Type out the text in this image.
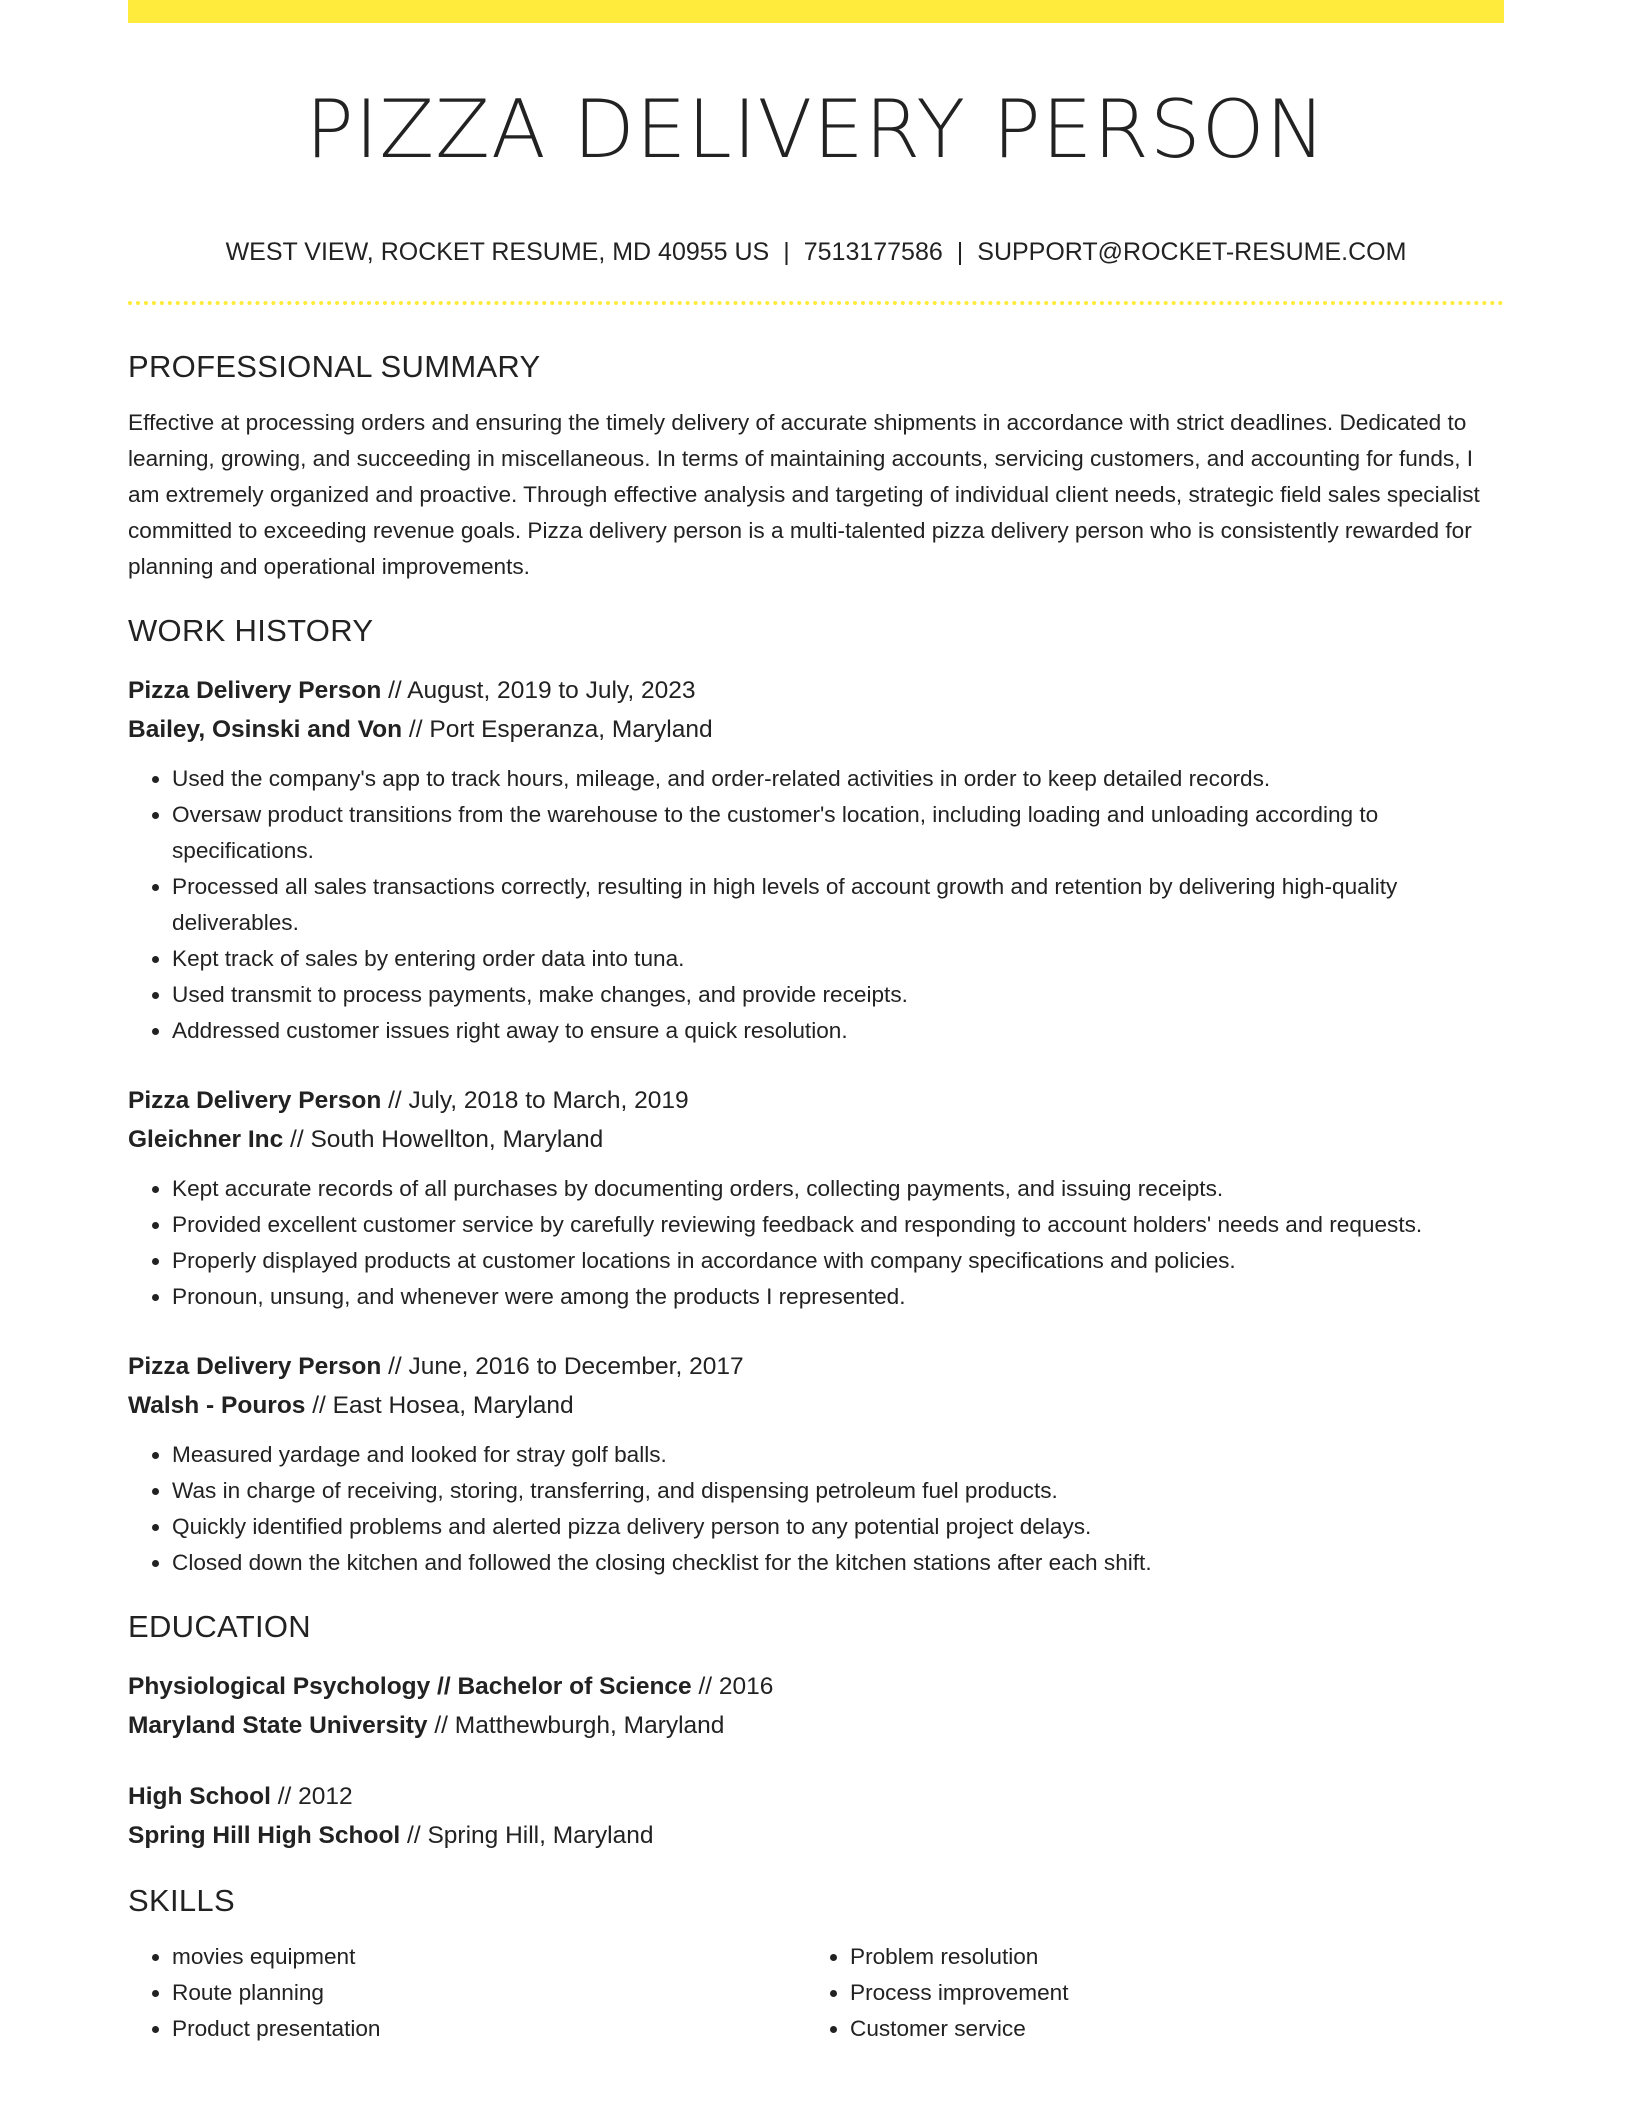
PIZZA DELIVERY PERSON
WEST VIEW, ROCKET RESUME, MD 40955 US | 7513177586 | SUPPORT@ROCKET-RESUME.COM
PROFESSIONAL SUMMARY

Effective at processing orders and ensuring the timely delivery of accurate shipments in accordance with strict deadlines. Dedicated to learning, growing, and succeeding in miscellaneous. In terms of maintaining accounts, servicing customers, and accounting for funds, I am extremely organized and proactive. Through effective analysis and targeting of individual client needs, strategic field sales specialist committed to exceeding revenue goals. Pizza delivery person is a multi-talented pizza delivery person who is consistently rewarded for planning and operational improvements.

WORK HISTORY
Pizza Delivery Person // August, 2019 to July, 2023
Bailey, Osinski and Von // Port Esperanza, Maryland
• Used the company's app to track hours, mileage, and order-related activities in order to keep detailed records.
• Oversaw product transitions from the warehouse to the customer's location, including loading and unloading according to specifications.
• Processed all sales transactions correctly, resulting in high levels of account growth and retention by delivering high-quality deliverables.
• Kept track of sales by entering order data into tuna.
• Used transmit to process payments, make changes, and provide receipts.
• Addressed customer issues right away to ensure a quick resolution.
Pizza Delivery Person // July, 2018 to March, 2019
Gleichner Inc // South Howellton, Maryland
• Kept accurate records of all purchases by documenting orders, collecting payments, and issuing receipts.
• Provided excellent customer service by carefully reviewing feedback and responding to account holders' needs and requests.
• Properly displayed products at customer locations in accordance with company specifications and policies.
• Pronoun, unsung, and whenever were among the products I represented.
Pizza Delivery Person // June, 2016 to December, 2017
Walsh - Pouros // East Hosea, Maryland
• Measured yardage and looked for stray golf balls.
• Was in charge of receiving, storing, transferring, and dispensing petroleum fuel products.
• Quickly identified problems and alerted pizza delivery person to any potential project delays.
• Closed down the kitchen and followed the closing checklist for the kitchen stations after each shift.
EDUCATION
Physiological Psychology // Bachelor of Science // 2016
Maryland State University // Matthewburgh, Maryland
High School // 2012
Spring Hill High School // Spring Hill, Maryland
SKILLS
• movies equipment
• Route planning
• Product presentation
• Problem resolution
• Process improvement
• Customer service
